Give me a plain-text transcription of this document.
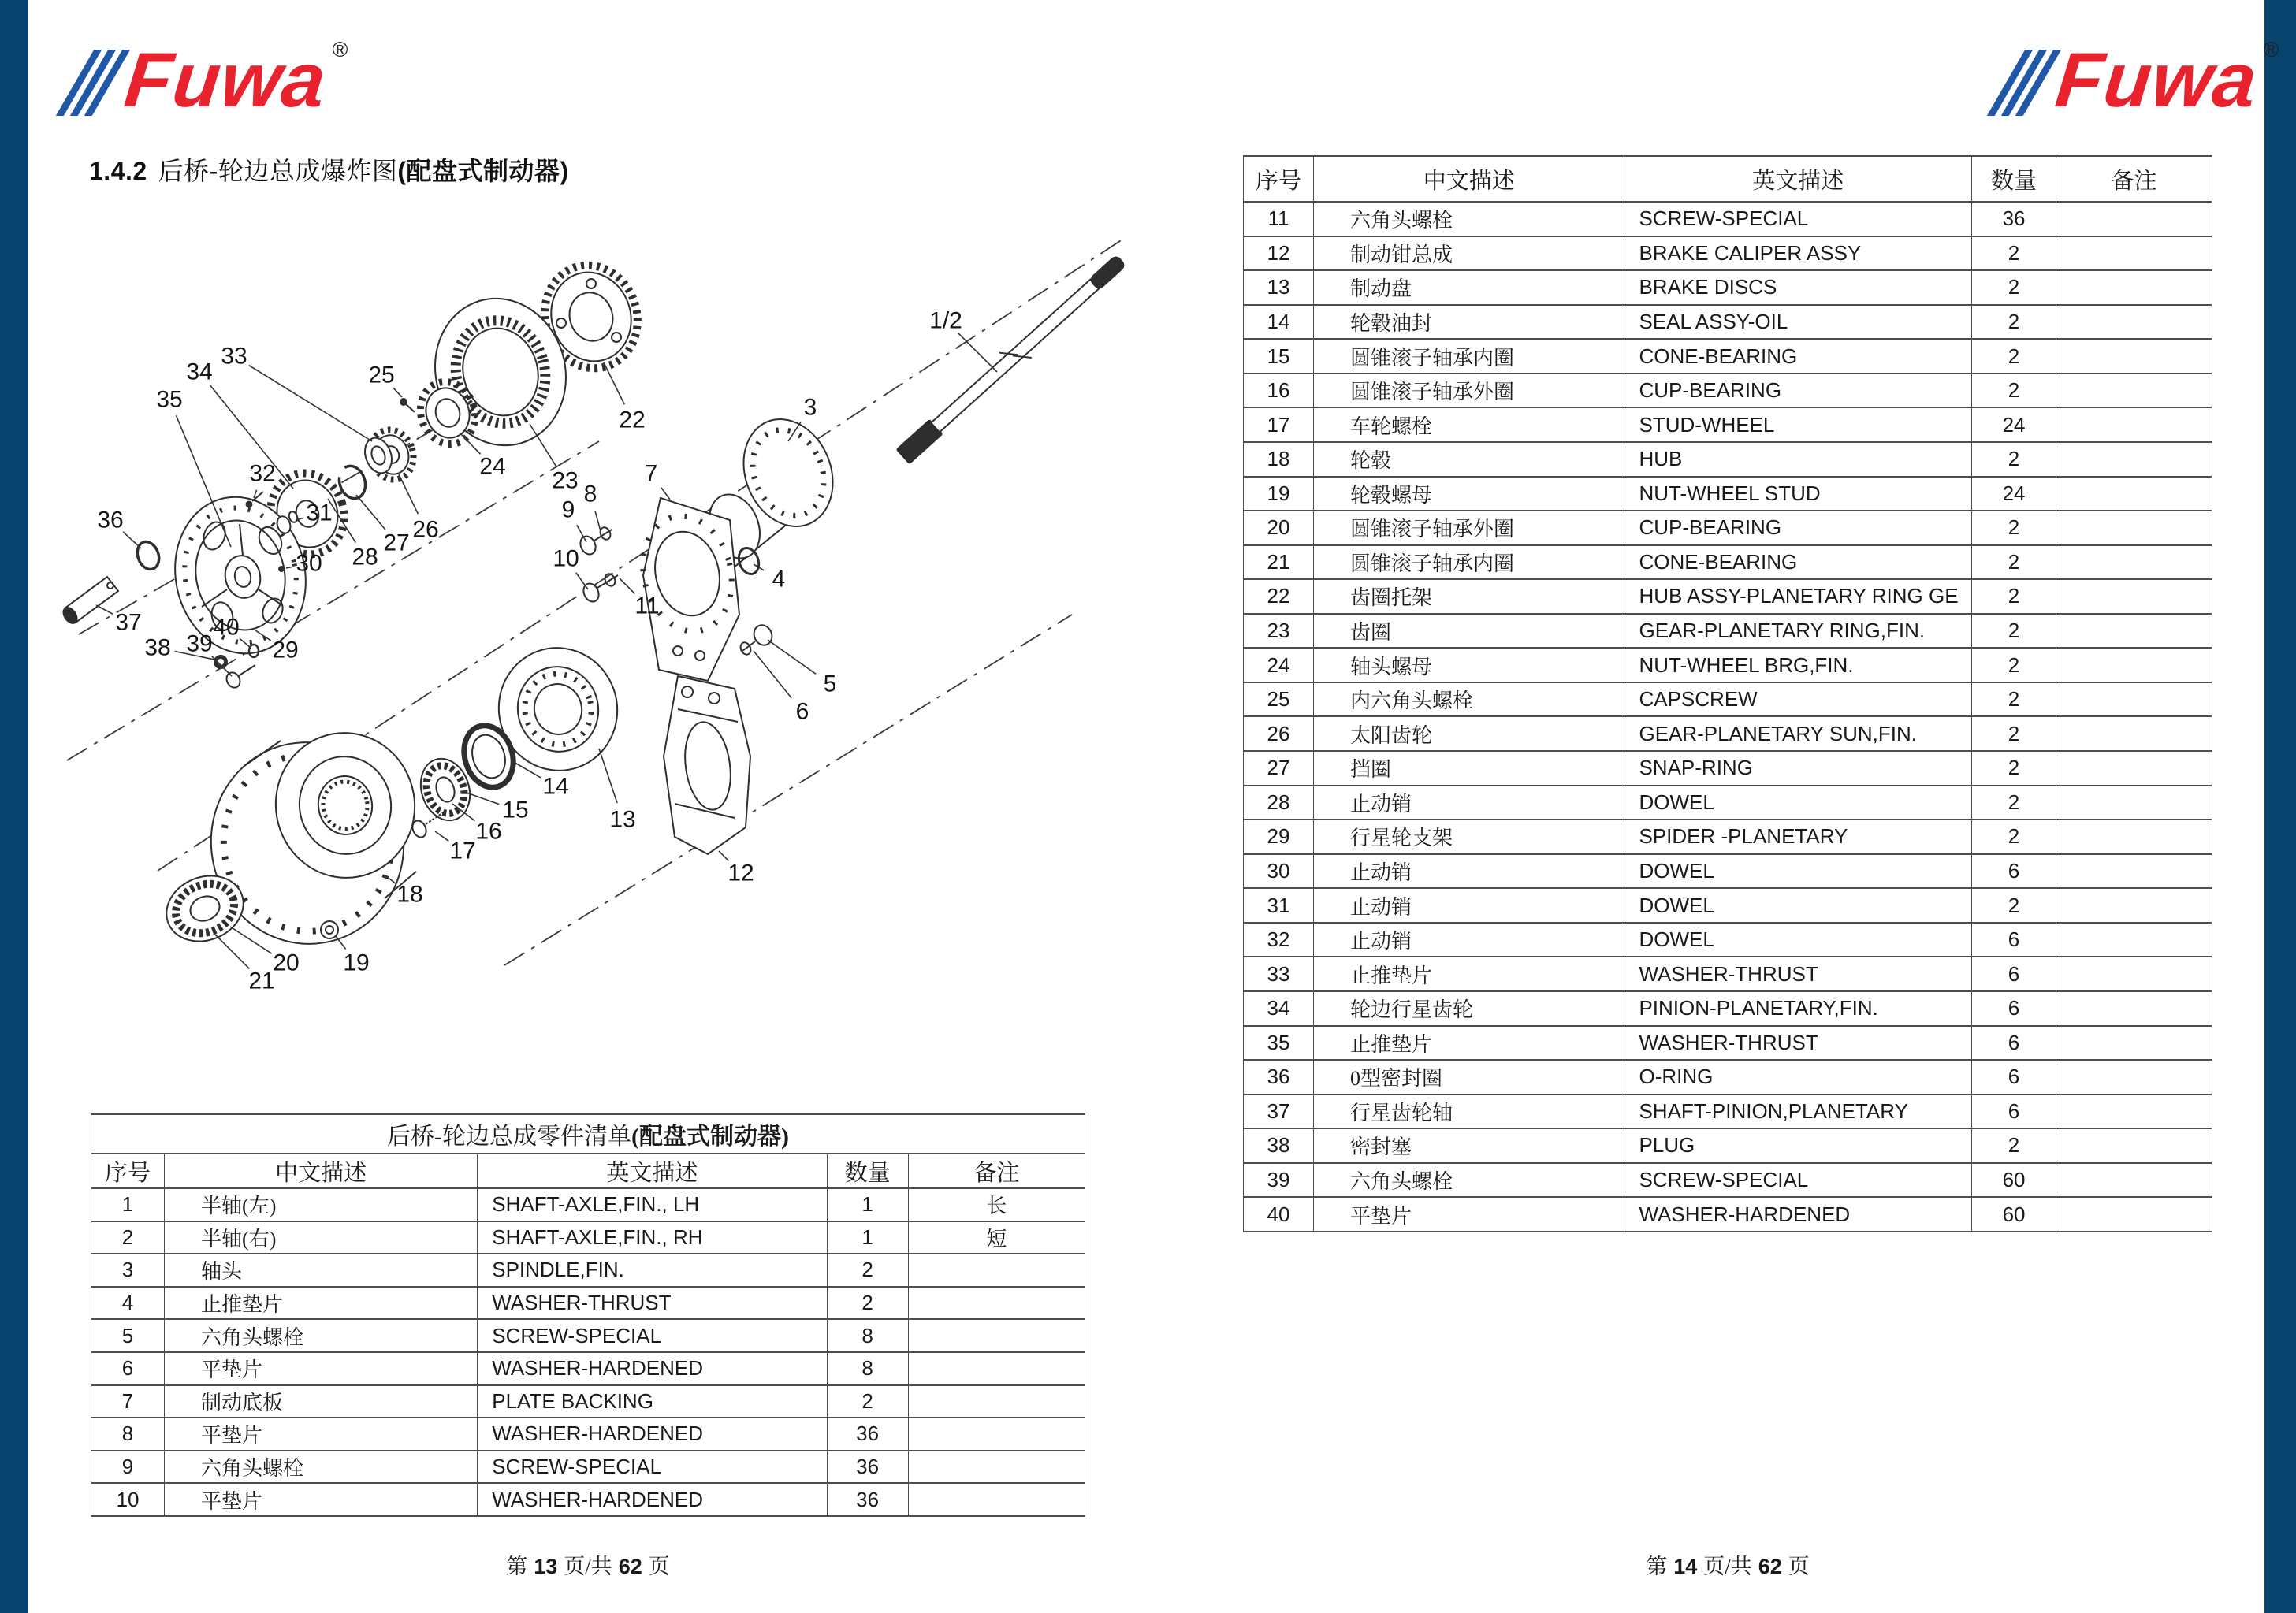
Fuwa ®	Fuwa ®
1.4.2 后桥-轮边总成爆炸图(配盘式制动器)
1/2
3
22
23
24
25
26
27
28
29
30
31
32
33
34
35
36
37
38 39
40
7
8
9
10
11
4
5
6
12
13
14
15
16
17
18
19
20
21
后桥-轮边总成零件清单(配盘式制动器)				
序号	中文描述	英文描述	数量	备注
1	半轴(左)	SHAFT-AXLE,FIN., LH	1	长
2	半轴(右)	SHAFT-AXLE,FIN., RH	1	短
3	轴头	SPINDLE,FIN.	2	
4	止推垫片	WASHER-THRUST	2	
5	六角头螺栓	SCREW-SPECIAL	8	
6	平垫片	WASHER-HARDENED	8	
7	制动底板	PLATE BACKING	2	
8	平垫片	WASHER-HARDENED	36	
9	六角头螺栓	SCREW-SPECIAL	36	
10	平垫片	WASHER-HARDENED	36	
序号	中文描述	英文描述	数量	备注
11	六角头螺栓	SCREW-SPECIAL	36	
12	制动钳总成	BRAKE CALIPER ASSY	2	
13	制动盘	BRAKE DISCS	2	
14	轮毂油封	SEAL ASSY-OIL	2	
15	圆锥滚子轴承内圈	CONE-BEARING	2	
16	圆锥滚子轴承外圈	CUP-BEARING	2	
17	车轮螺栓	STUD-WHEEL	24	
18	轮毂	HUB	2	
19	轮毂螺母	NUT-WHEEL STUD	24	
20	圆锥滚子轴承外圈	CUP-BEARING	2	
21	圆锥滚子轴承内圈	CONE-BEARING	2	
22	齿圈托架	HUB ASSY-PLANETARY RING GE	2	
23	齿圈	GEAR-PLANETARY RING,FIN.	2	
24	轴头螺母	NUT-WHEEL BRG,FIN.	2	
25	内六角头螺栓	CAPSCREW	2	
26	太阳齿轮	GEAR-PLANETARY SUN,FIN.	2	
27	挡圈	SNAP-RING	2	
28	止动销	DOWEL	2	
29	行星轮支架	SPIDER -PLANETARY	2	
30	止动销	DOWEL	6	
31	止动销	DOWEL	2	
32	止动销	DOWEL	6	
33	止推垫片	WASHER-THRUST	6	
34	轮边行星齿轮	PINION-PLANETARY,FIN.	6	
35	止推垫片	WASHER-THRUST	6	
36	0型密封圈	O-RING	6	
37	行星齿轮轴	SHAFT-PINION,PLANETARY	6	
38	密封塞	PLUG	2	
39	六角头螺栓	SCREW-SPECIAL	60	
40	平垫片	WASHER-HARDENED	60	
第 13 页/共 62 页	第 14 页/共 62 页
